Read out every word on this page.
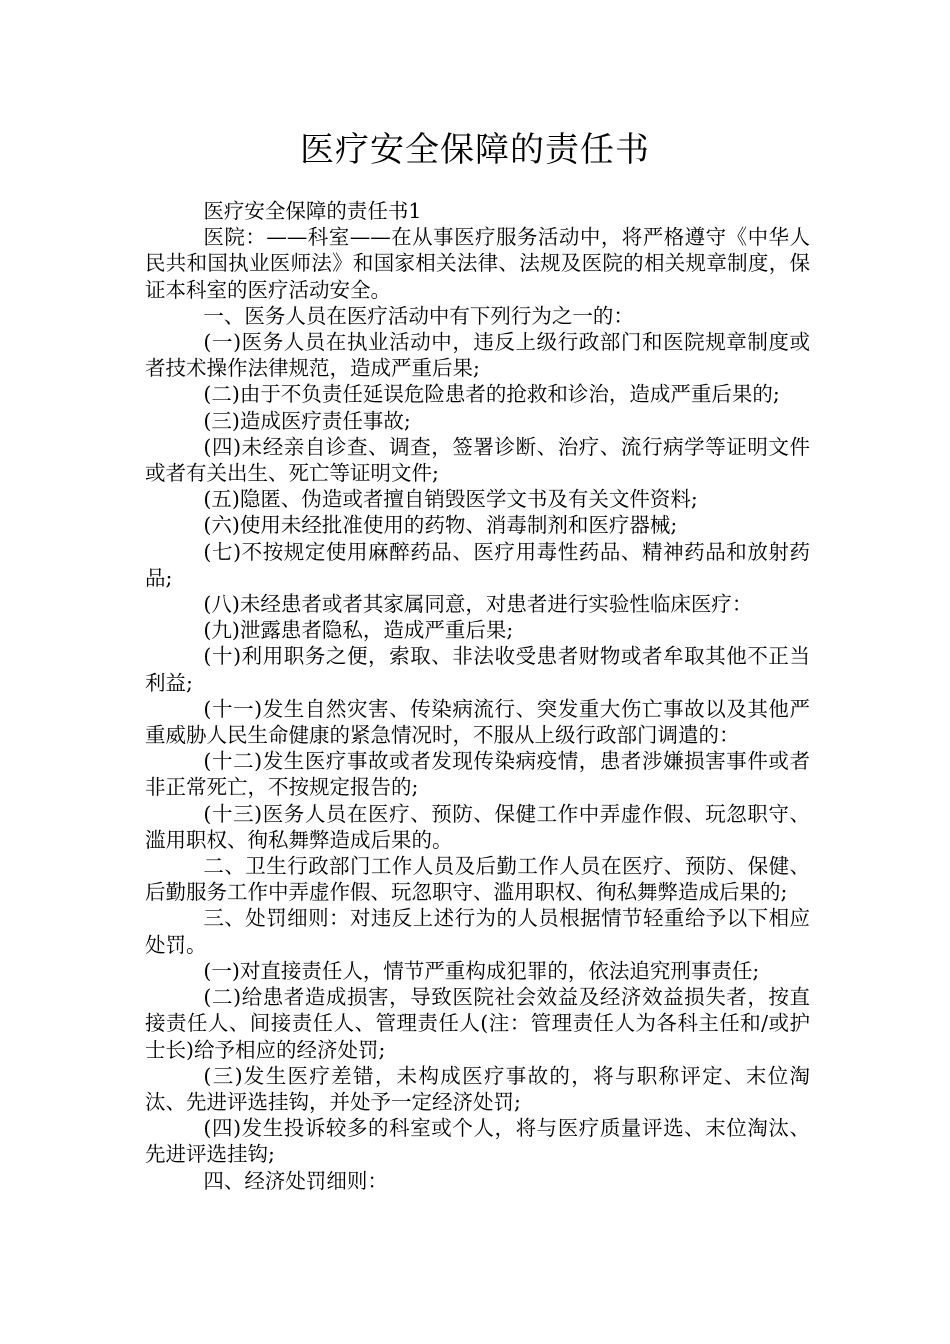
医疗安全保障的责任书

医疗安全保障的责任书1

医院：——科室——在从事医疗服务活动中，将严格遵守《中华人民共和国执业医师法》和国家相关法律、法规及医院的相关规章制度，保证本科室的医疗活动安全。

一、医务人员在医疗活动中有下列行为之一的：

(一)医务人员在执业活动中，违反上级行政部门和医院规章制度或者技术操作法律规范，造成严重后果;

(二)由于不负责任延误危险患者的抢救和诊治，造成严重后果的;

(三)造成医疗责任事故;

(四)未经亲自诊查、调查，签署诊断、治疗、流行病学等证明文件或者有关出生、死亡等证明文件;

(五)隐匿、伪造或者擅自销毁医学文书及有关文件资料;

(六)使用未经批准使用的药物、消毒制剂和医疗器械;

(七)不按规定使用麻醉药品、医疗用毒性药品、精神药品和放射药品;

(八)未经患者或者其家属同意，对患者进行实验性临床医疗：

(九)泄露患者隐私，造成严重后果;

(十)利用职务之便，索取、非法收受患者财物或者牟取其他不正当利益;

(十一)发生自然灾害、传染病流行、突发重大伤亡事故以及其他严重威胁人民生命健康的紧急情况时，不服从上级行政部门调遣的：

(十二)发生医疗事故或者发现传染病疫情，患者涉嫌损害事件或者非正常死亡，不按规定报告的;

(十三)医务人员在医疗、预防、保健工作中弄虚作假、玩忽职守、滥用职权、徇私舞弊造成后果的。

二、卫生行政部门工作人员及后勤工作人员在医疗、预防、保健、后勤服务工作中弄虚作假、玩忽职守、滥用职权、徇私舞弊造成后果的;

三、处罚细则：对违反上述行为的人员根据情节轻重给予以下相应处罚。

(一)对直接责任人，情节严重构成犯罪的，依法追究刑事责任;

(二)给患者造成损害，导致医院社会效益及经济效益损失者，按直接责任人、间接责任人、管理责任人(注：管理责任人为各科主任和/或护士长)给予相应的经济处罚;

(三)发生医疗差错，未构成医疗事故的，将与职称评定、末位淘汰、先进评选挂钩，并处予一定经济处罚;

(四)发生投诉较多的科室或个人，将与医疗质量评选、末位淘汰、先进评选挂钩;

四、经济处罚细则：
